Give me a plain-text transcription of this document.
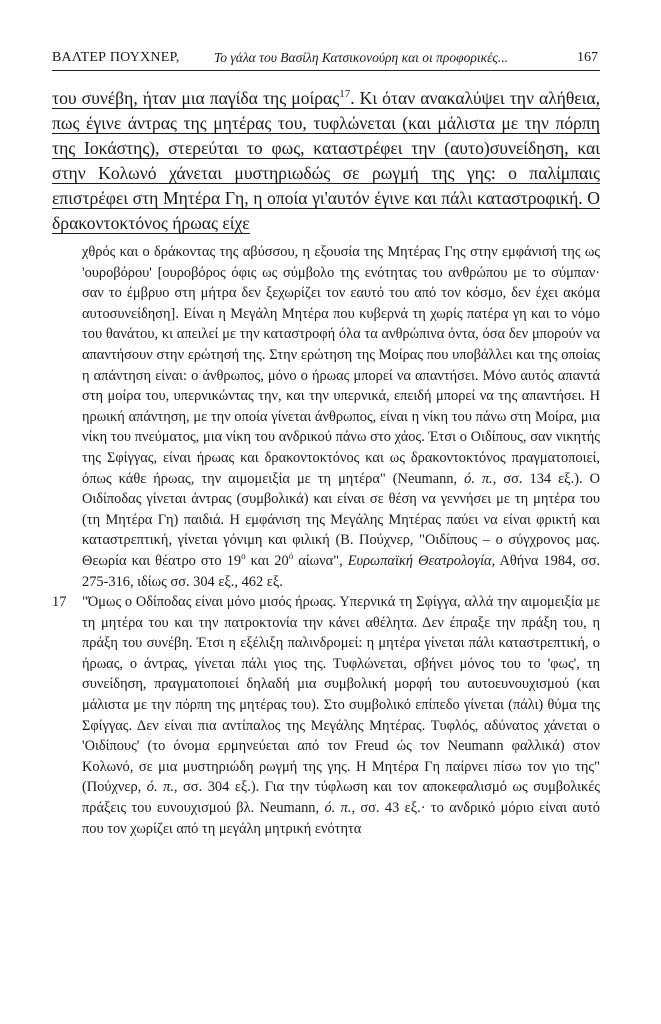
ΒΑΛΤΕΡ ΠΟΥΧΝΕΡ,	Το γάλα του Βασίλη Κατσικονούρη και οι προφορικές...	167
του συνέβη, ήταν μια παγίδα της μοίρας$^{17}$. Κι όταν ανακαλύψει την αλήθεια, πως έγινε άντρας της μητέρας του, τυφλώνεται (και μάλιστα με την πόρπη της Ιοκάστης), στερεύται το φως, καταστρέφει την (αυτο)συνείδηση, και στην Κολωνό χάνεται μυστηριωδώς σε ρωγμή της γης: ο παλίμπαις επιστρέφει στη Μητέρα Γη, η οποία γι'αυτόν έγινε και πάλι καταστροφική. Ο δρακοντοκτόνος ήρωας είχε
χθρός και ο δράκοντας της αβύσσου, η εξουσία της Μητέρας Γης στην εμφάνισή της ως 'ουροβόρου' [ουροβόρος όφις ως σύμβολο της ενότητας του ανθρώπου με το σύμπαν· σαν το έμβρυο στη μήτρα δεν ξεχωρίζει τον εαυτό του από τον κόσμο, δεν έχει ακόμα αυτοσυνείδηση]. Είναι η Μεγάλη Μητέρα που κυβερνά τη χωρίς πατέρα γη και το νόμο του θανάτου, κι απειλεί με την καταστροφή όλα τα ανθρώπινα όντα, όσα δεν μπορούν να απαντήσουν στην ερώτησή της. Στην ερώτηση της Μοίρας που υποβάλλει και της οποίας η απάντηση είναι: ο άνθρωπος, μόνο ο ήρωας μπορεί να απαντήσει. Μόνο αυτός απαντά στη μοίρα του, υπερνικώντας την, και την υπερνικά, επειδή μπορεί να της απαντήσει. Η ηρωική απάντηση, με την οποία γίνεται άνθρωπος, είναι η νίκη του πάνω στη Μοίρα, μια νίκη του πνεύματος, μια νίκη του ανδρικού πάνω στο χάος. Έτσι ο Οιδίπους, σαν νικητής της Σφίγγας, είναι ήρωας και δρακοντοκτόνος και ως δρακοντοκτόνος πραγματοποιεί, όπως κάθε ήρωας, την αιμομειξία με τη μητέρα" (Neumann, ό. π., σσ. 134 εξ.). Ο Οιδίποδας γίνεται άντρας (συμβολικά) και είναι σε θέση να γεννήσει με τη μητέρα του (τη Μητέρα Γη) παιδιά. Η εμφάνιση της Μεγάλης Μητέρας παύει να είναι φρικτή και καταστρεπτική, γίνεται γόνιμη και φιλική (Β. Πούχνερ, "Οιδίπους – ο σύγχρονος μας. Θεωρία και θέατρο στο $19^o$ και $20^ό$ αίωνα", Ευρωπαϊκή Θεατρολογία, Αθήνα 1984, σσ. 275-316, ιδίως σσ. 304 εξ., 462 εξ.
17 "Όμως ο Οδίποδας είναι μόνο μισός ήρωας. Υπερνικά τη Σφίγγα, αλλά την αιμομειξία με τη μητέρα του και την πατροκτονία την κάνει αθέλητα. Δεν έπραξε την πράξη του, η πράξη του συνέβη. Έτσι η εξέλιξη παλινδρομεί: η μητέρα γίνεται πάλι καταστρεπτική, ο ήρωας, ο άντρας, γίνεται πάλι γιος της. Τυφλώνεται, σβήνει μόνος του το 'φως', τη συνείδηση, πραγματοποιεί δηλαδή μια συμβολική μορφή του αυτοευνουχισμού (και μάλιστα με την πόρπη της μητέρας του). Στο συμβολικό επίπεδο γίνεται (πάλι) θύμα της Σφίγγας. Δεν είναι πια αντίπαλος της Μεγάλης Μητέρας. Τυφλός, αδύνατος χάνεται ο 'Οιδίπους' (το όνομα ερμηνεύεται από τον Freud ώς τον Neumann φαλλικά) στον Κολωνό, σε μια μυστηριώδη ρωγμή της γης. Η Μητέρα Γη παίρνει πίσω τον γιο της" (Πούχνερ, ό. π., σσ. 304 εξ.). Για την τύφλωση και τον αποκεφαλισμό ως συμβολικές πράξεις του ευνουχισμού βλ. Neumann, ό. π., σσ. 43 εξ.· το ανδρικό μόριο είναι αυτό που τον χωρίζει από τη μεγάλη μητρική ενότητα
